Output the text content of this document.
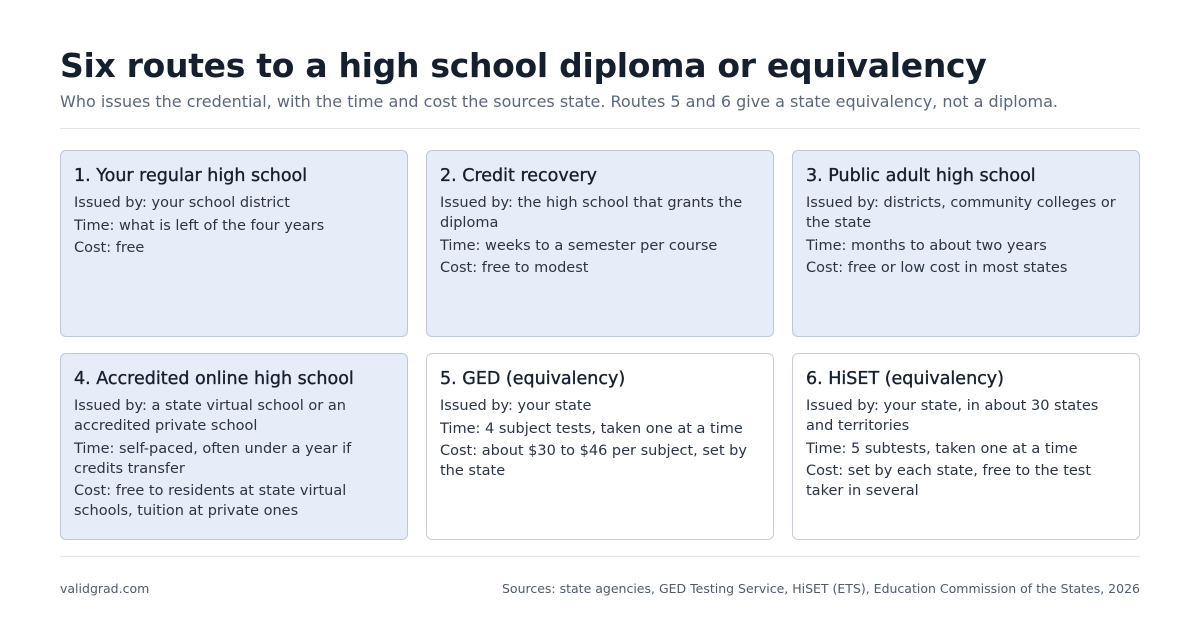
Six routes to a high school diploma or equivalency
Who issues the credential, with the time and cost the sources state. Routes 5 and 6 give a state equivalency, not a diploma.
1. Your regular high school

Issued by: your school district

Time: what is left of the four years

Cost: free

2. Credit recovery

Issued by: the high school that grants the diploma

Time: weeks to a semester per course

Cost: free to modest

3. Public adult high school

Issued by: districts, community colleges or the state

Time: months to about two years

Cost: free or low cost in most states

4. Accredited online high school

Issued by: a state virtual school or an accredited private school

Time: self-paced, often under a year if credits transfer

Cost: free to residents at state virtual schools, tuition at private ones

5. GED (equivalency)

Issued by: your state

Time: 4 subject tests, taken one at a time

Cost: about $30 to $46 per subject, set by the state

6. HiSET (equivalency)

Issued by: your state, in about 30 states and territories

Time: 5 subtests, taken one at a time

Cost: set by each state, free to the test taker in several

validgrad.com	Sources: state agencies, GED Testing Service, HiSET (ETS), Education Commission of the States, 2026
